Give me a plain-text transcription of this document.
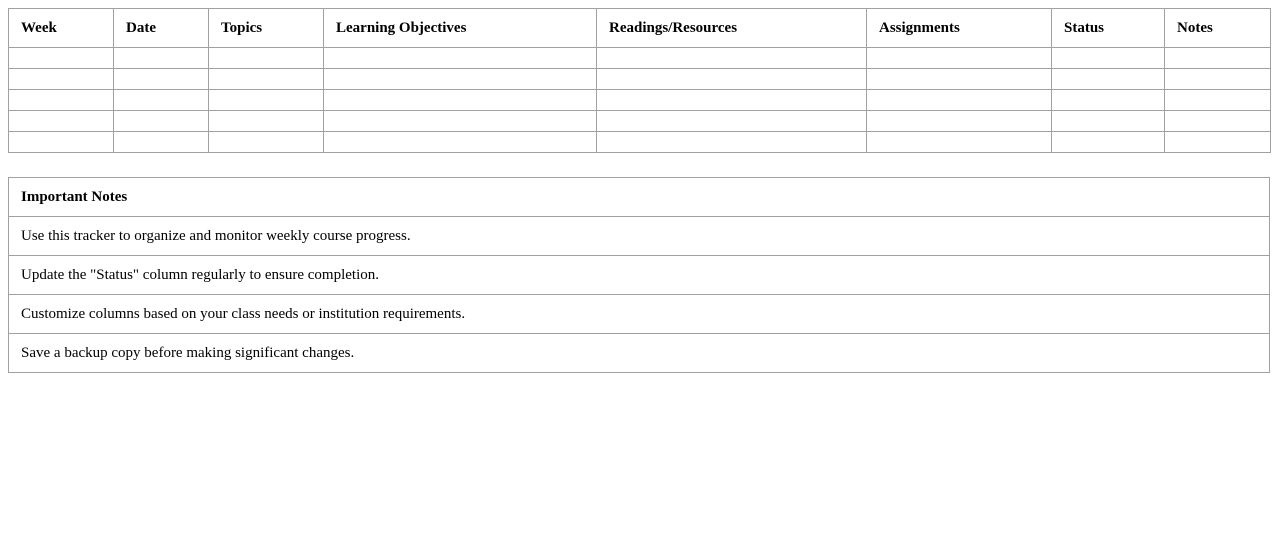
Week	Date	Topics	Learning Objectives	Readings/Resources	Assignments	Status	Notes

Important Notes
Use this tracker to organize and monitor weekly course progress.
Update the "Status" column regularly to ensure completion.
Customize columns based on your class needs or institution requirements.
Save a backup copy before making significant changes.
